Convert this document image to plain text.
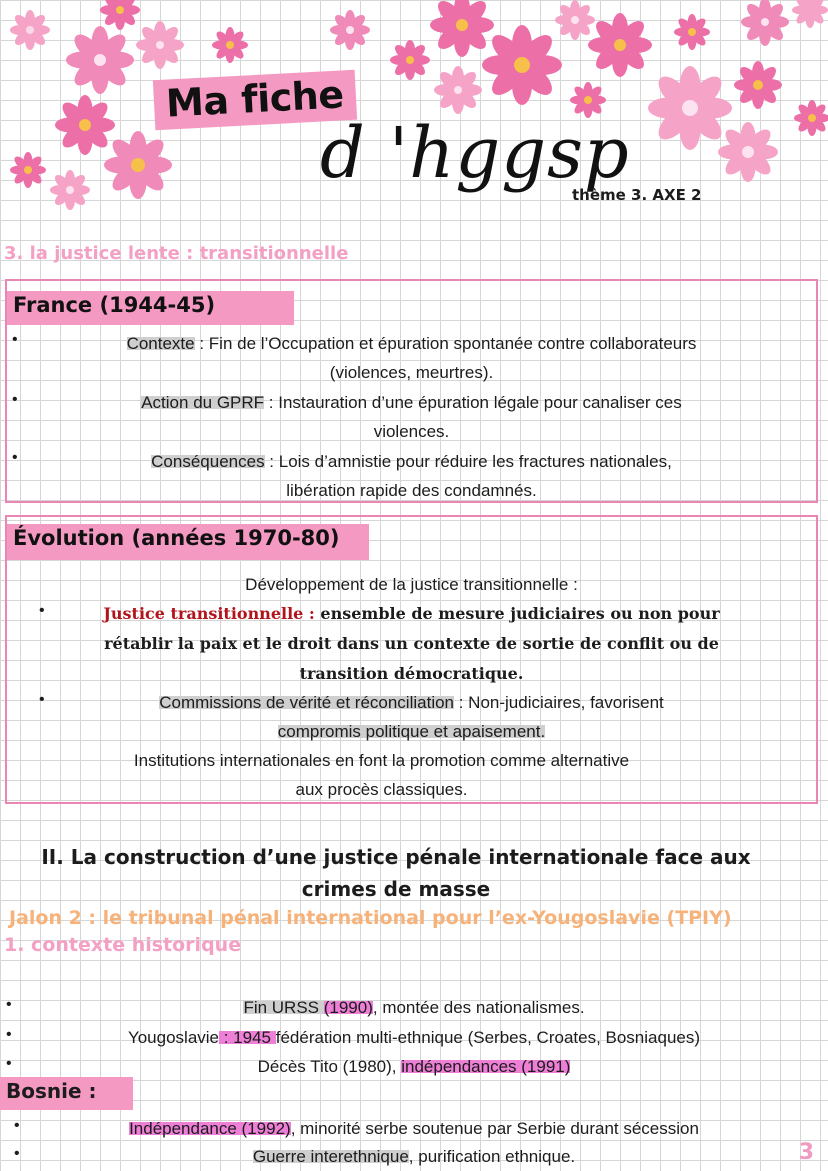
Ma fiche
d 'hggsp
thème 3. AXE 2
3. la justice lente : transitionnelle
France (1944-45)
•	Contexte : Fin de l’Occupation et épuration spontanée contre collaborateurs
(violences, meurtres).
•	Action du GPRF : Instauration d’une épuration légale pour canaliser ces
violences.
•	Conséquences : Lois d’amnistie pour réduire les fractures nationales,
libération rapide des condamnés.
Évolution (années 1970-80)
Développement de la justice transitionnelle :
•	Justice transitionnelle : ensemble de mesure judiciaires ou non pour
rétablir la paix et le droit dans un contexte de sortie de conflit ou de
transition démocratique.
•	Commissions de vérité et réconciliation : Non-judiciaires, favorisent
compromis politique et apaisement.
Institutions internationales en font la promotion comme alternative
aux procès classiques.
II. La construction d’une justice pénale internationale face aux
crimes de masse
Jalon 2 : le tribunal pénal international pour l’ex-Yougoslavie (TPIY)
1. contexte historique
•	Fin URSS (1990), montée des nationalismes.
•	Yougoslavie : 1945 fédération multi-ethnique (Serbes, Croates, Bosniaques)
•	Décès Tito (1980), indépendances (1991)
Bosnie :
•	Indépendance (1992), minorité serbe soutenue par Serbie durant sécession
•	Guerre interethnique, purification ethnique.	3
